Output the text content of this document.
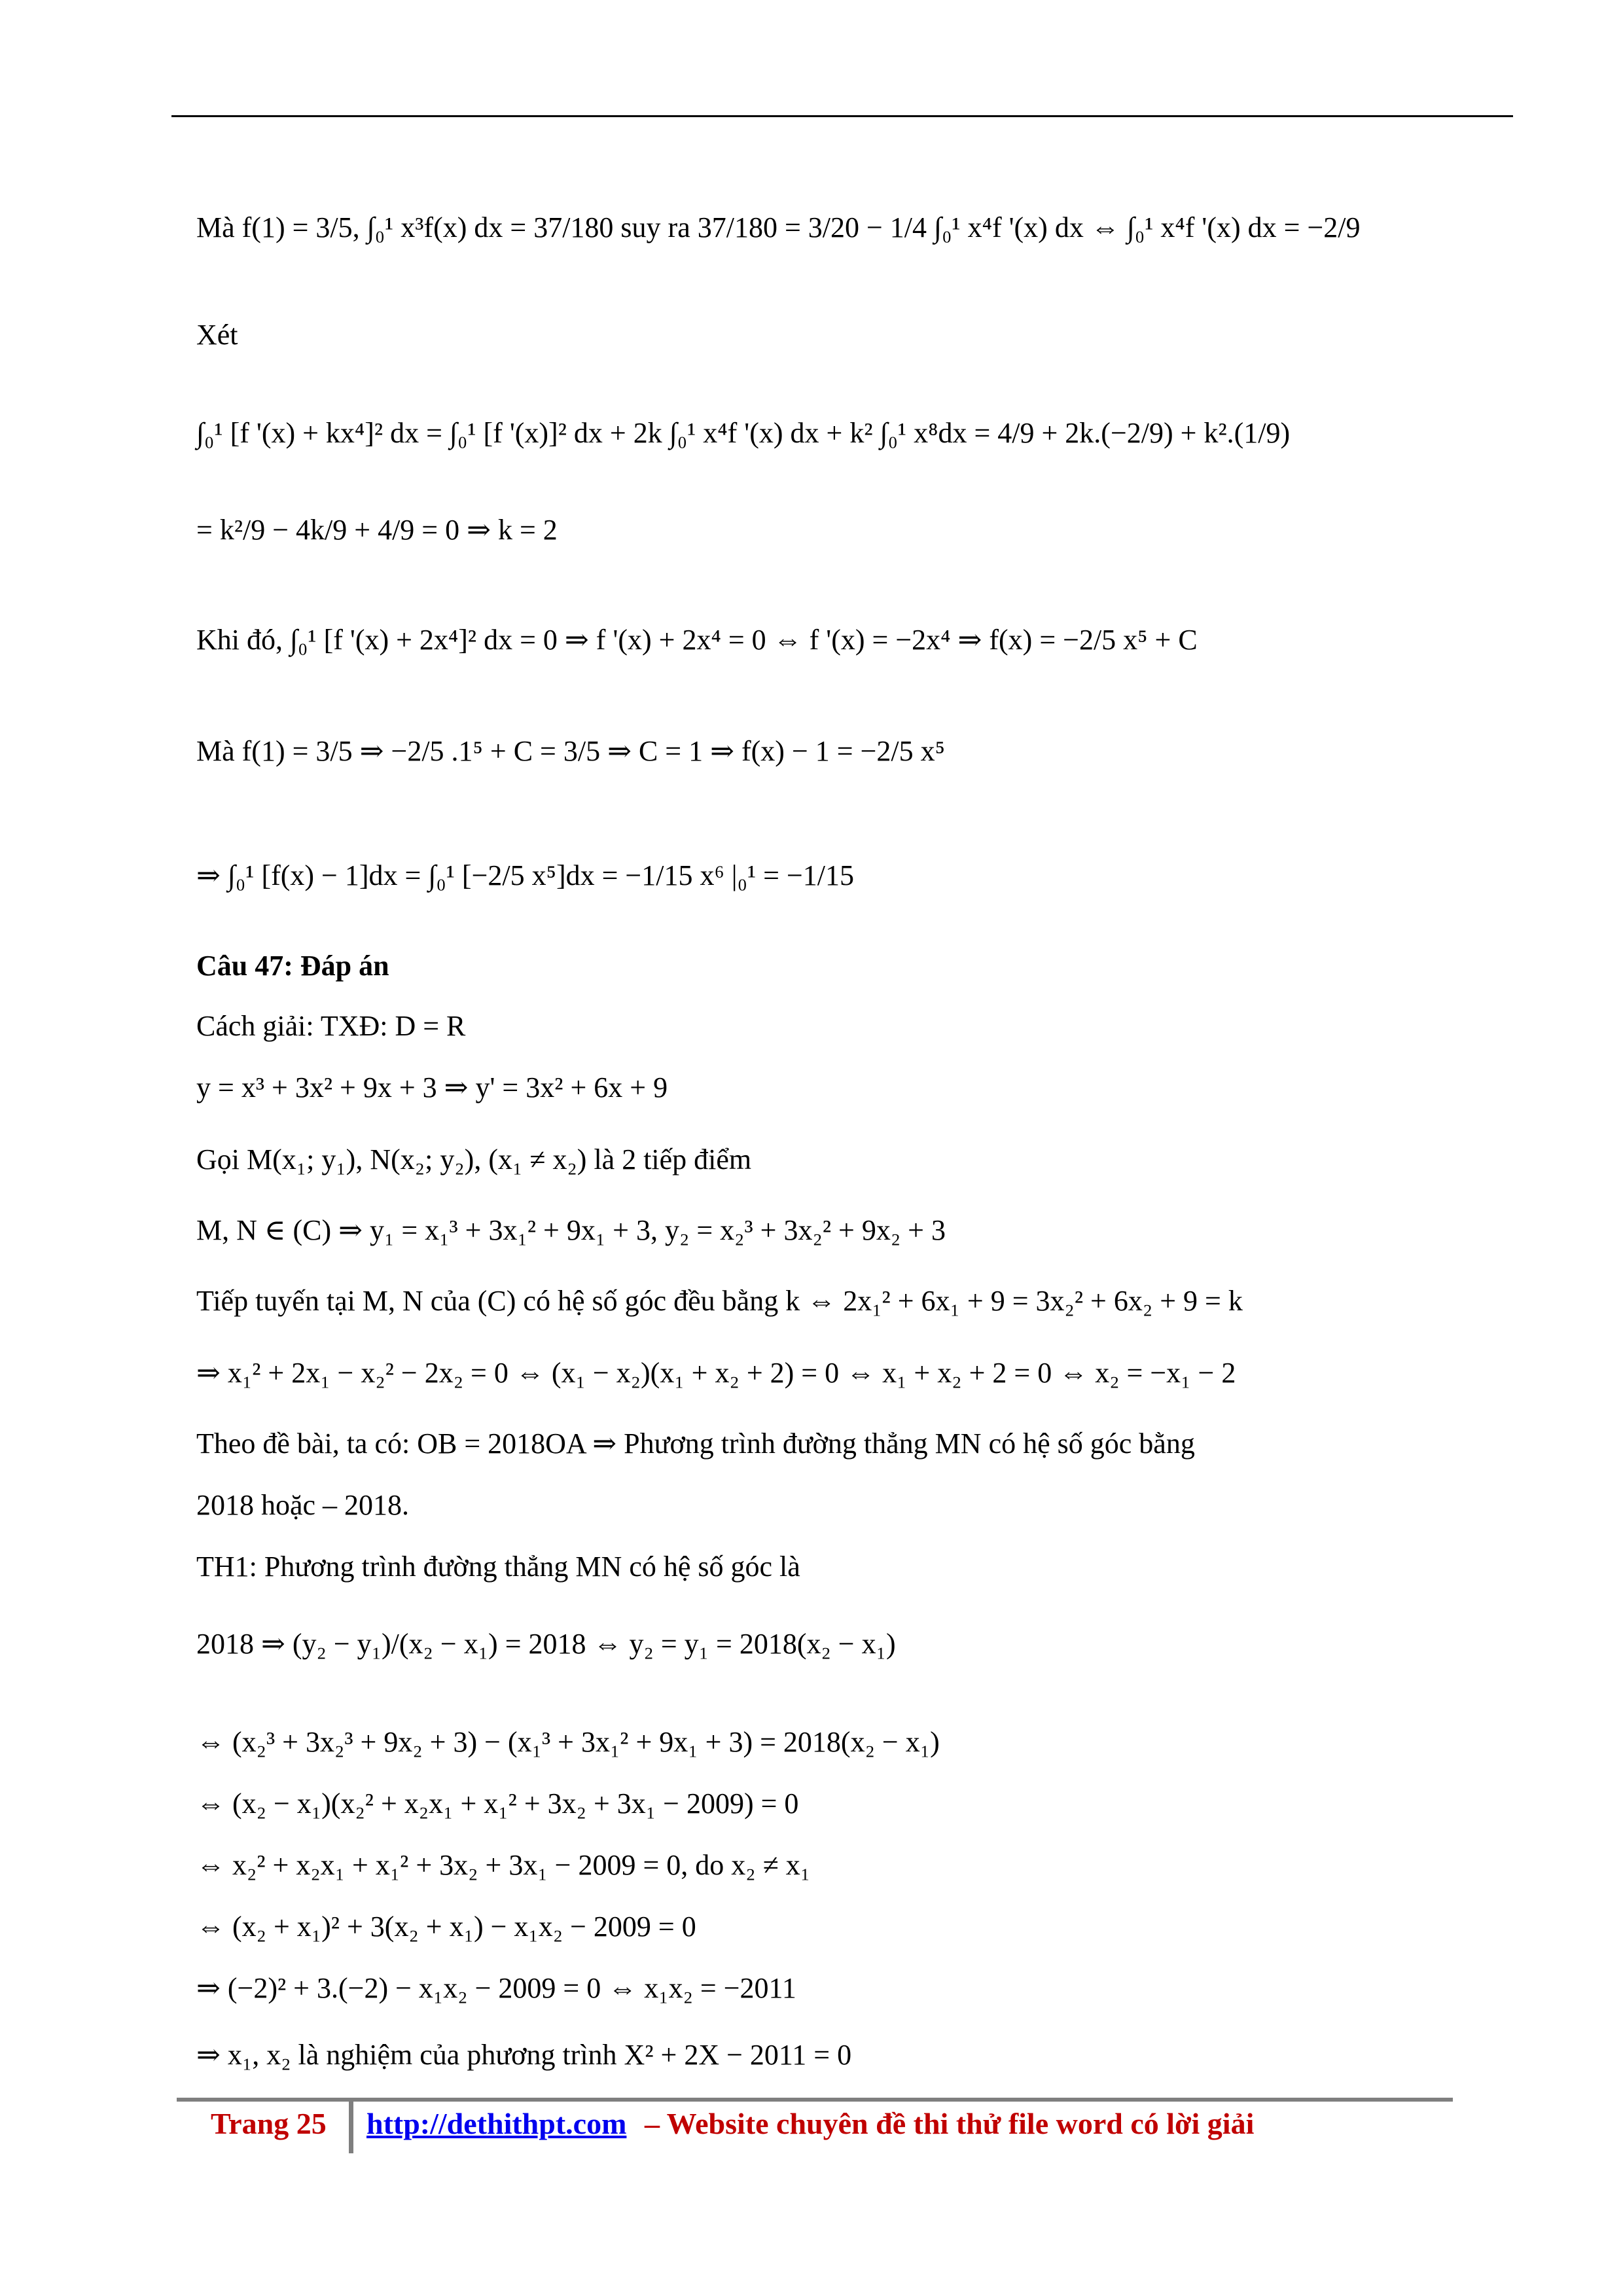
Mà f(1) = 3/5, ∫₀¹ x³f(x) dx = 37/180 suy ra 37/180 = 3/20 − 1/4 ∫₀¹ x⁴f '(x) dx ⇔ ∫₀¹ x⁴f '(x) dx = −2/9
Xét
∫₀¹ [f '(x) + kx⁴]² dx = ∫₀¹ [f '(x)]² dx + 2k ∫₀¹ x⁴f '(x) dx + k² ∫₀¹ x⁸dx = 4/9 + 2k.(−2/9) + k².(1/9)
= k²/9 − 4k/9 + 4/9 = 0 ⇒ k = 2
Khi đó, ∫₀¹ [f '(x) + 2x⁴]² dx = 0 ⇒ f '(x) + 2x⁴ = 0 ⇔ f '(x) = −2x⁴ ⇒ f(x) = −2/5 x⁵ + C
Mà f(1) = 3/5 ⇒ −2/5 .1⁵ + C = 3/5 ⇒ C = 1 ⇒ f(x) − 1 = −2/5 x⁵
⇒ ∫₀¹ [f(x) − 1]dx = ∫₀¹ [−2/5 x⁵]dx = −1/15 x⁶ |₀¹ = −1/15
Câu 47: Đáp án
Cách giải: TXĐ: D = R
y = x³ + 3x² + 9x + 3 ⇒ y' = 3x² + 6x + 9
Gọi M(x₁; y₁), N(x₂; y₂), (x₁ ≠ x₂) là 2 tiếp điểm
M, N ∈ (C) ⇒ y₁ = x₁³ + 3x₁² + 9x₁ + 3, y₂ = x₂³ + 3x₂² + 9x₂ + 3
Tiếp tuyến tại M, N của (C) có hệ số góc đều bằng k ⇔ 2x₁² + 6x₁ + 9 = 3x₂² + 6x₂ + 9 = k
⇒ x₁² + 2x₁ − x₂² − 2x₂ = 0 ⇔ (x₁ − x₂)(x₁ + x₂ + 2) = 0 ⇔ x₁ + x₂ + 2 = 0 ⇔ x₂ = −x₁ − 2
Theo đề bài, ta có: OB = 2018OA ⇒ Phương trình đường thẳng MN có hệ số góc bằng
2018 hoặc – 2018.
TH1: Phương trình đường thẳng MN có hệ số góc là
2018 ⇒ (y₂ − y₁)/(x₂ − x₁) = 2018 ⇔ y₂ = y₁ = 2018(x₂ − x₁)
⇔ (x₂³ + 3x₂³ + 9x₂ + 3) − (x₁³ + 3x₁² + 9x₁ + 3) = 2018(x₂ − x₁)
⇔ (x₂ − x₁)(x₂² + x₂x₁ + x₁² + 3x₂ + 3x₁ − 2009) = 0
⇔ x₂² + x₂x₁ + x₁² + 3x₂ + 3x₁ − 2009 = 0, do x₂ ≠ x₁
⇔ (x₂ + x₁)² + 3(x₂ + x₁) − x₁x₂ − 2009 = 0
⇒ (−2)² + 3.(−2) − x₁x₂ − 2009 = 0 ⇔ x₁x₂ = −2011
⇒ x₁, x₂ là nghiệm của phương trình X² + 2X − 2011 = 0
Trang 25 http://dethithpt.com – Website chuyên đề thi thử file word có lời giải
